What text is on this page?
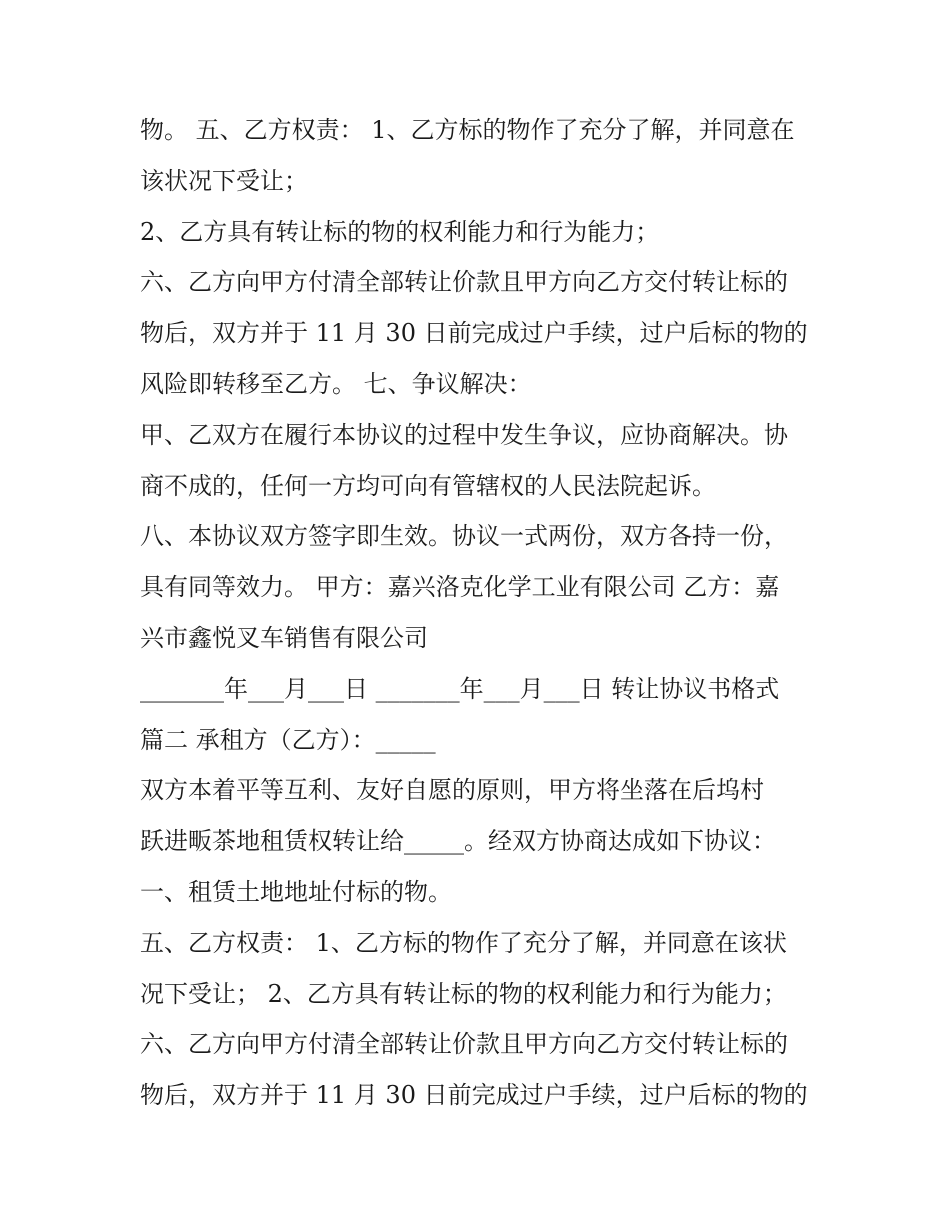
物。 五、乙方权责： 1、乙方标的物作了充分了解，并同意在
该状况下受让；
2、乙方具有转让标的物的权利能力和行为能力；
六、乙方向甲方付清全部转让价款且甲方向乙方交付转让标的
物后，双方并于 11 月 30 日前完成过户手续，过户后标的物的
风险即转移至乙方。 七、争议解决：
甲、乙双方在履行本协议的过程中发生争议，应协商解决。协
商不成的，任何一方均可向有管辖权的人民法院起诉。
八、本协议双方签字即生效。协议一式两份，双方各持一份，
具有同等效力。 甲方：嘉兴洛克化学工业有限公司 乙方：嘉
兴市鑫悦叉车销售有限公司
_______年___月___日 _______年___月___日 转让协议书格式
篇二 承租方（乙方）：_____
双方本着平等互利、友好自愿的原则，甲方将坐落在后坞村
跃进畈茶地租赁权转让给_____。经双方协商达成如下协议：
一、租赁土地地址付标的物。
五、乙方权责： 1、乙方标的物作了充分了解，并同意在该状
况下受让； 2、乙方具有转让标的物的权利能力和行为能力；
六、乙方向甲方付清全部转让价款且甲方向乙方交付转让标的
物后，双方并于 11 月 30 日前完成过户手续，过户后标的物的
